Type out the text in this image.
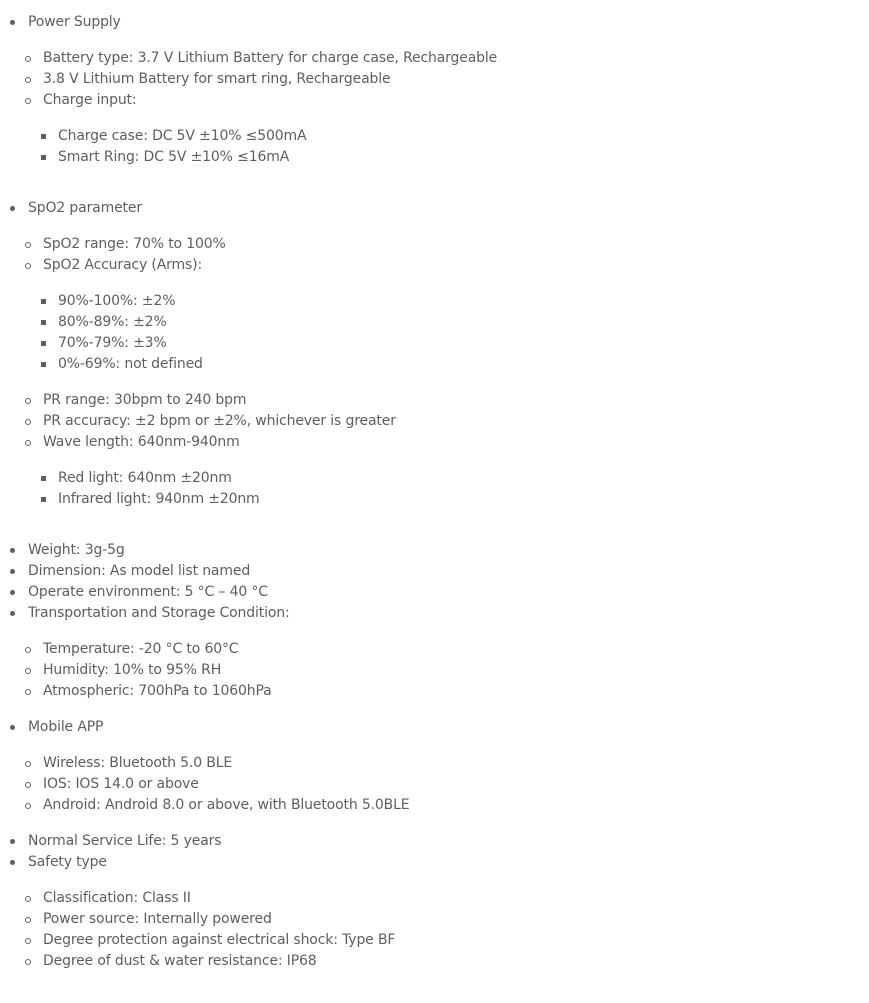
Power Supply
Battery type: 3.7 V Lithium Battery for charge case, Rechargeable
3.8 V Lithium Battery for smart ring, Rechargeable
Charge input:
Charge case: DC 5V ±10% ≤500mA
Smart Ring: DC 5V ±10% ≤16mA
SpO2 parameter
SpO2 range: 70% to 100%
SpO2 Accuracy (Arms):
90%-100%: ±2%
80%-89%: ±2%
70%-79%: ±3%
0%-69%: not defined
PR range: 30bpm to 240 bpm
PR accuracy: ±2 bpm or ±2%, whichever is greater
Wave length: 640nm-940nm
Red light: 640nm ±20nm
Infrared light: 940nm ±20nm
Weight: 3g-5g
Dimension: As model list named
Operate environment: 5 °C – 40 °C
Transportation and Storage Condition:
Temperature: -20 °C to 60°C
Humidity: 10% to 95% RH
Atmospheric: 700hPa to 1060hPa
Mobile APP
Wireless: Bluetooth 5.0 BLE
IOS: IOS 14.0 or above
Android: Android 8.0 or above, with Bluetooth 5.0BLE
Normal Service Life: 5 years
Safety type
Classification: Class II
Power source: Internally powered
Degree protection against electrical shock: Type BF
Degree of dust & water resistance: IP68
